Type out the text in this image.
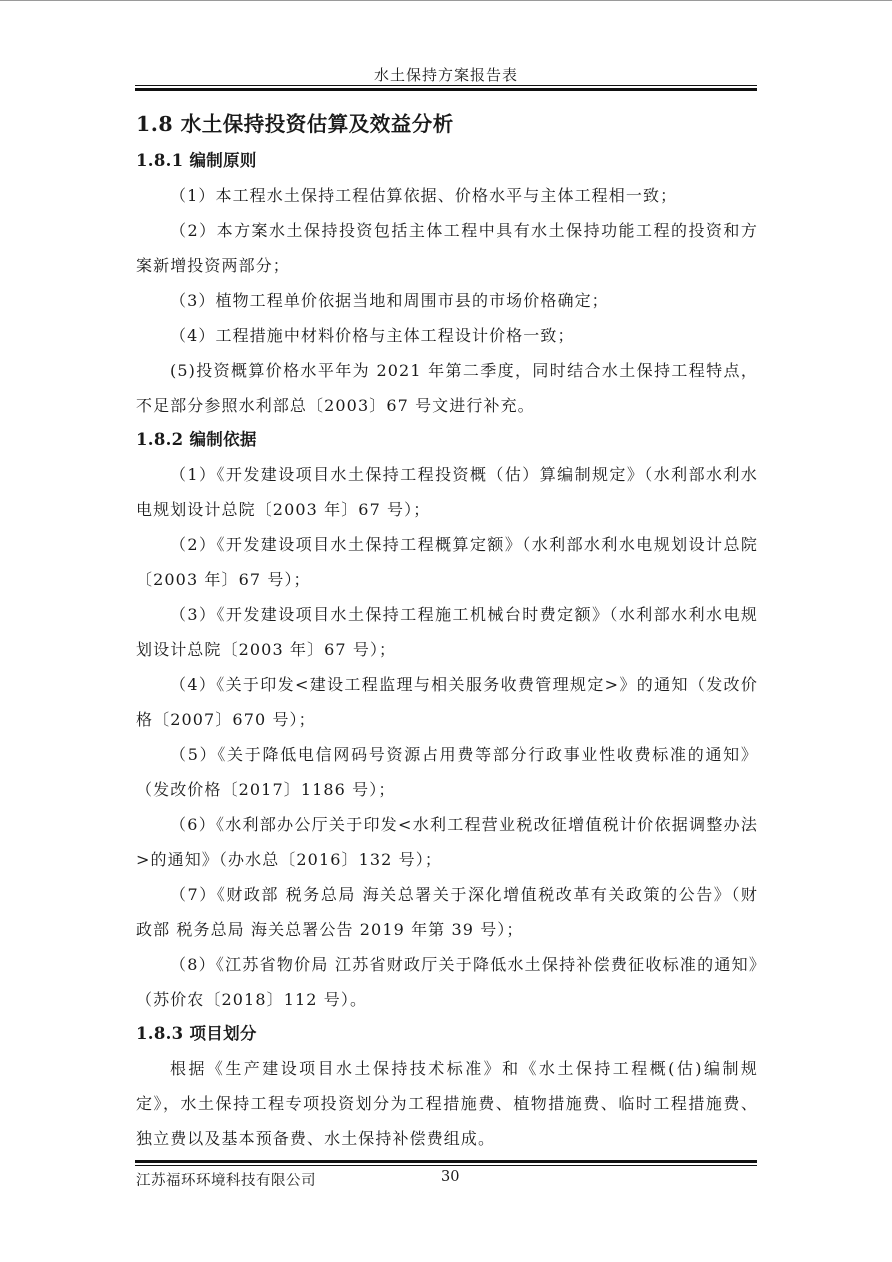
水土保持方案报告表
1.8 水土保持投资估算及效益分析
1.8.1 编制原则
（1）本工程水土保持工程估算依据、价格水平与主体工程相一致；
（2）本方案水土保持投资包括主体工程中具有水土保持功能工程的投资和方案新增投资两部分；
（3）植物工程单价依据当地和周围市县的市场价格确定；
（4）工程措施中材料价格与主体工程设计价格一致；
(5)投资概算价格水平年为 2021 年第二季度，同时结合水土保持工程特点，不足部分参照水利部总〔2003〕67 号文进行补充。
1.8.2 编制依据
（1）《开发建设项目水土保持工程投资概（估）算编制规定》（水利部水利水电规划设计总院〔2003 年〕67 号）；
（2）《开发建设项目水土保持工程概算定额》（水利部水利水电规划设计总院〔2003 年〕67 号）；
（3）《开发建设项目水土保持工程施工机械台时费定额》（水利部水利水电规划设计总院〔2003 年〕67 号）；
（4）《关于印发<建设工程监理与相关服务收费管理规定>》的通知（发改价格〔2007〕670 号）；
（5）《关于降低电信网码号资源占用费等部分行政事业性收费标准的通知》（发改价格〔2017〕1186 号）；
（6）《水利部办公厅关于印发<水利工程营业税改征增值税计价依据调整办法>的通知》（办水总〔2016〕132 号）；
（7）《财政部 税务总局 海关总署关于深化增值税改革有关政策的公告》（财政部 税务总局 海关总署公告 2019 年第 39 号）；
（8）《江苏省物价局 江苏省财政厅关于降低水土保持补偿费征收标准的通知》（苏价农〔2018〕112 号）。
1.8.3 项目划分
根据《生产建设项目水土保持技术标准》和《水土保持工程概(估)编制规定》，水土保持工程专项投资划分为工程措施费、植物措施费、临时工程措施费、独立费以及基本预备费、水土保持补偿费组成。
江苏福环环境科技有限公司	30
